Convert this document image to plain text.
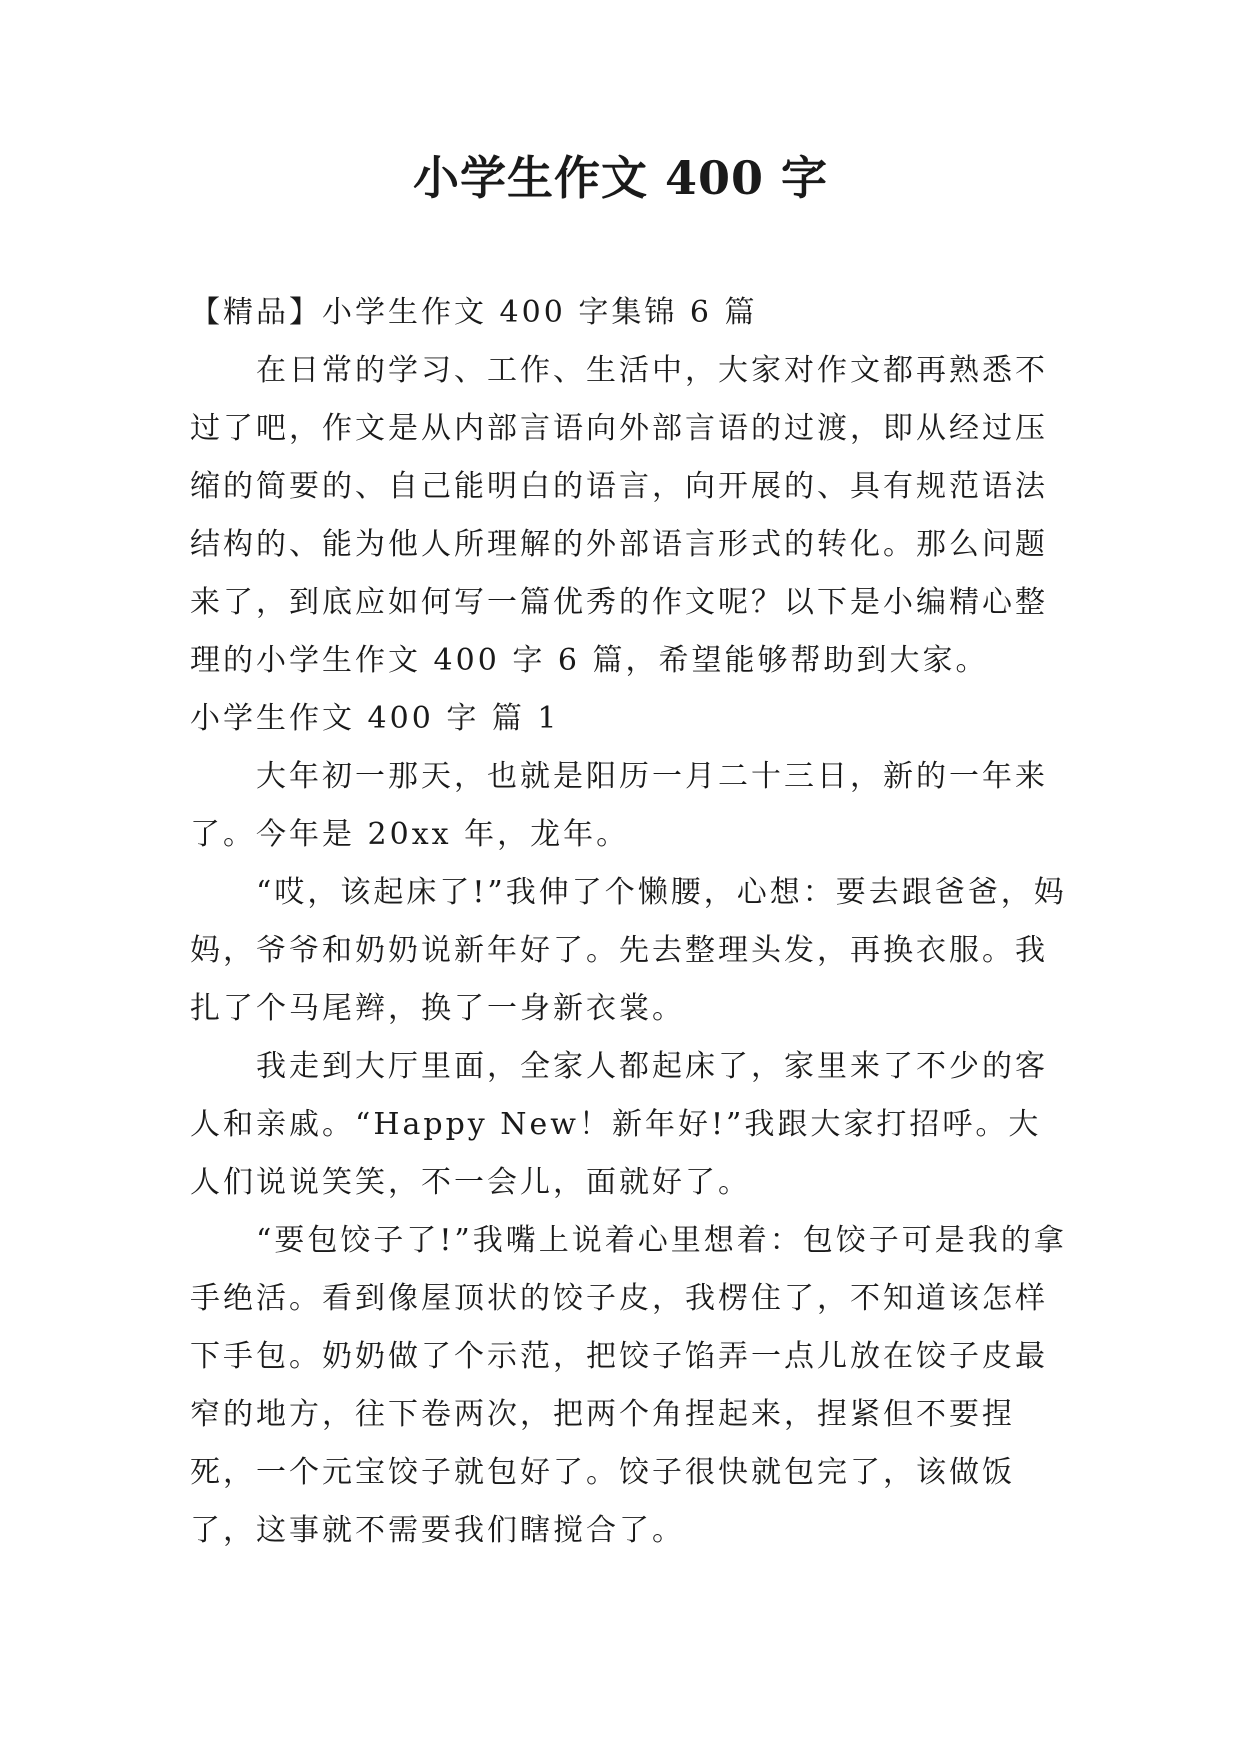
小学生作文 400 字

【精品】小学生作文 400 字集锦 6 篇

在日常的学习、工作、生活中，大家对作文都再熟悉不过了吧，作文是从内部言语向外部言语的过渡，即从经过压缩的简要的、自己能明白的语言，向开展的、具有规范语法结构的、能为他人所理解的外部语言形式的转化。那么问题来了，到底应如何写一篇优秀的作文呢？以下是小编精心整理的小学生作文 400 字 6 篇，希望能够帮助到大家。

小学生作文 400 字 篇 1

大年初一那天，也就是阳历一月二十三日，新的一年来了。今年是 20xx 年，龙年。

“哎，该起床了!”我伸了个懒腰，心想：要去跟爸爸，妈妈，爷爷和奶奶说新年好了。先去整理头发，再换衣服。我扎了个马尾辫，换了一身新衣裳。

我走到大厅里面，全家人都起床了，家里来了不少的客人和亲戚。“Happy New！新年好!”我跟大家打招呼。大人们说说笑笑，不一会儿，面就好了。

“要包饺子了!”我嘴上说着心里想着：包饺子可是我的拿手绝活。看到像屋顶状的饺子皮，我楞住了，不知道该怎样下手包。奶奶做了个示范，把饺子馅弄一点儿放在饺子皮最窄的地方，往下卷两次，把两个角捏起来，捏紧但不要捏死，一个元宝饺子就包好了。饺子很快就包完了，该做饭了，这事就不需要我们瞎搅合了。
